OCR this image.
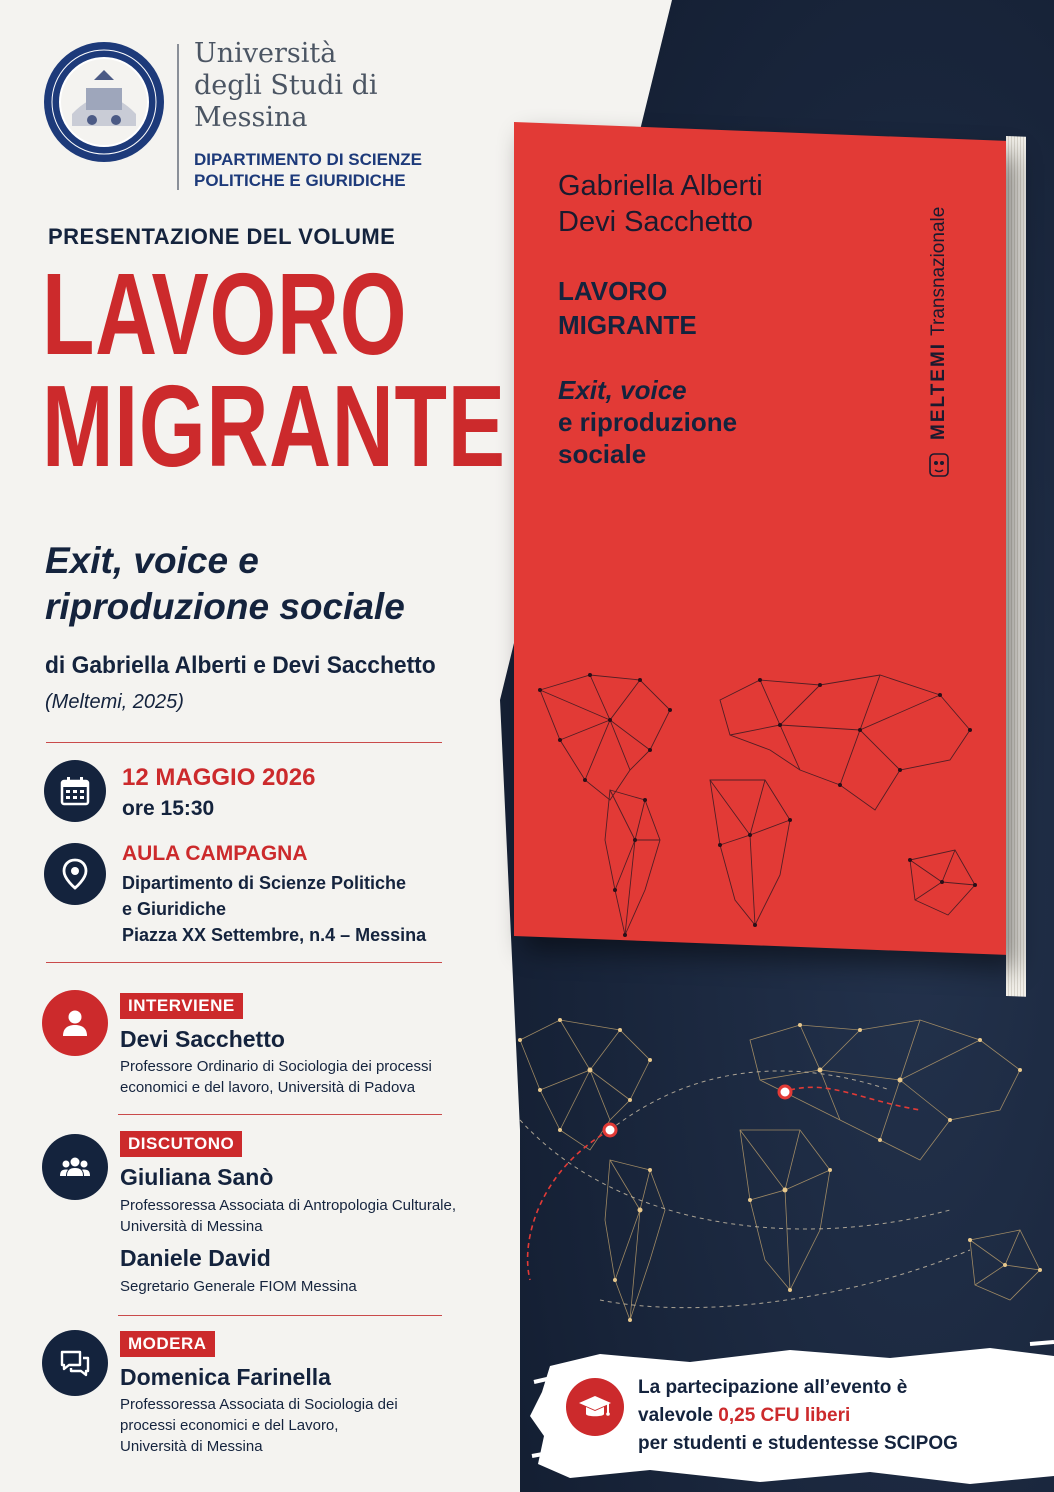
Università
degli Studi di
Messina
DIPARTIMENTO DI SCIENZE
POLITICHE E GIURIDICHE
PRESENTAZIONE DEL VOLUME
LAVORO
MIGRANTE
Exit, voice e
riproduzione sociale
di Gabriella Alberti e Devi Sacchetto
(Meltemi, 2025)
12 MAGGIO 2026
ore 15:30
AULA CAMPAGNA
Dipartimento di Scienze Politiche
e Giuridiche
Piazza XX Settembre, n.4 – Messina
INTERVIENE
Devi Sacchetto
Professore Ordinario di Sociologia dei processi
economici e del lavoro, Università di Padova
DISCUTONO
Giuliana Sanò
Professoressa Associata di Antropologia Culturale,
Università di Messina
Daniele David
Segretario Generale FIOM Messina
MODERA
Domenica Farinella
Professoressa Associata di Sociologia dei
processi economici e del Lavoro,
Università di Messina
Gabriella Alberti
Devi Sacchetto
LAVORO
MIGRANTE
Exit, voice
e riproduzione
sociale
MELTEMITransnazionale
La partecipazione all’evento è
valevole 0,25 CFU liberi
per studenti e studentesse SCIPOG
